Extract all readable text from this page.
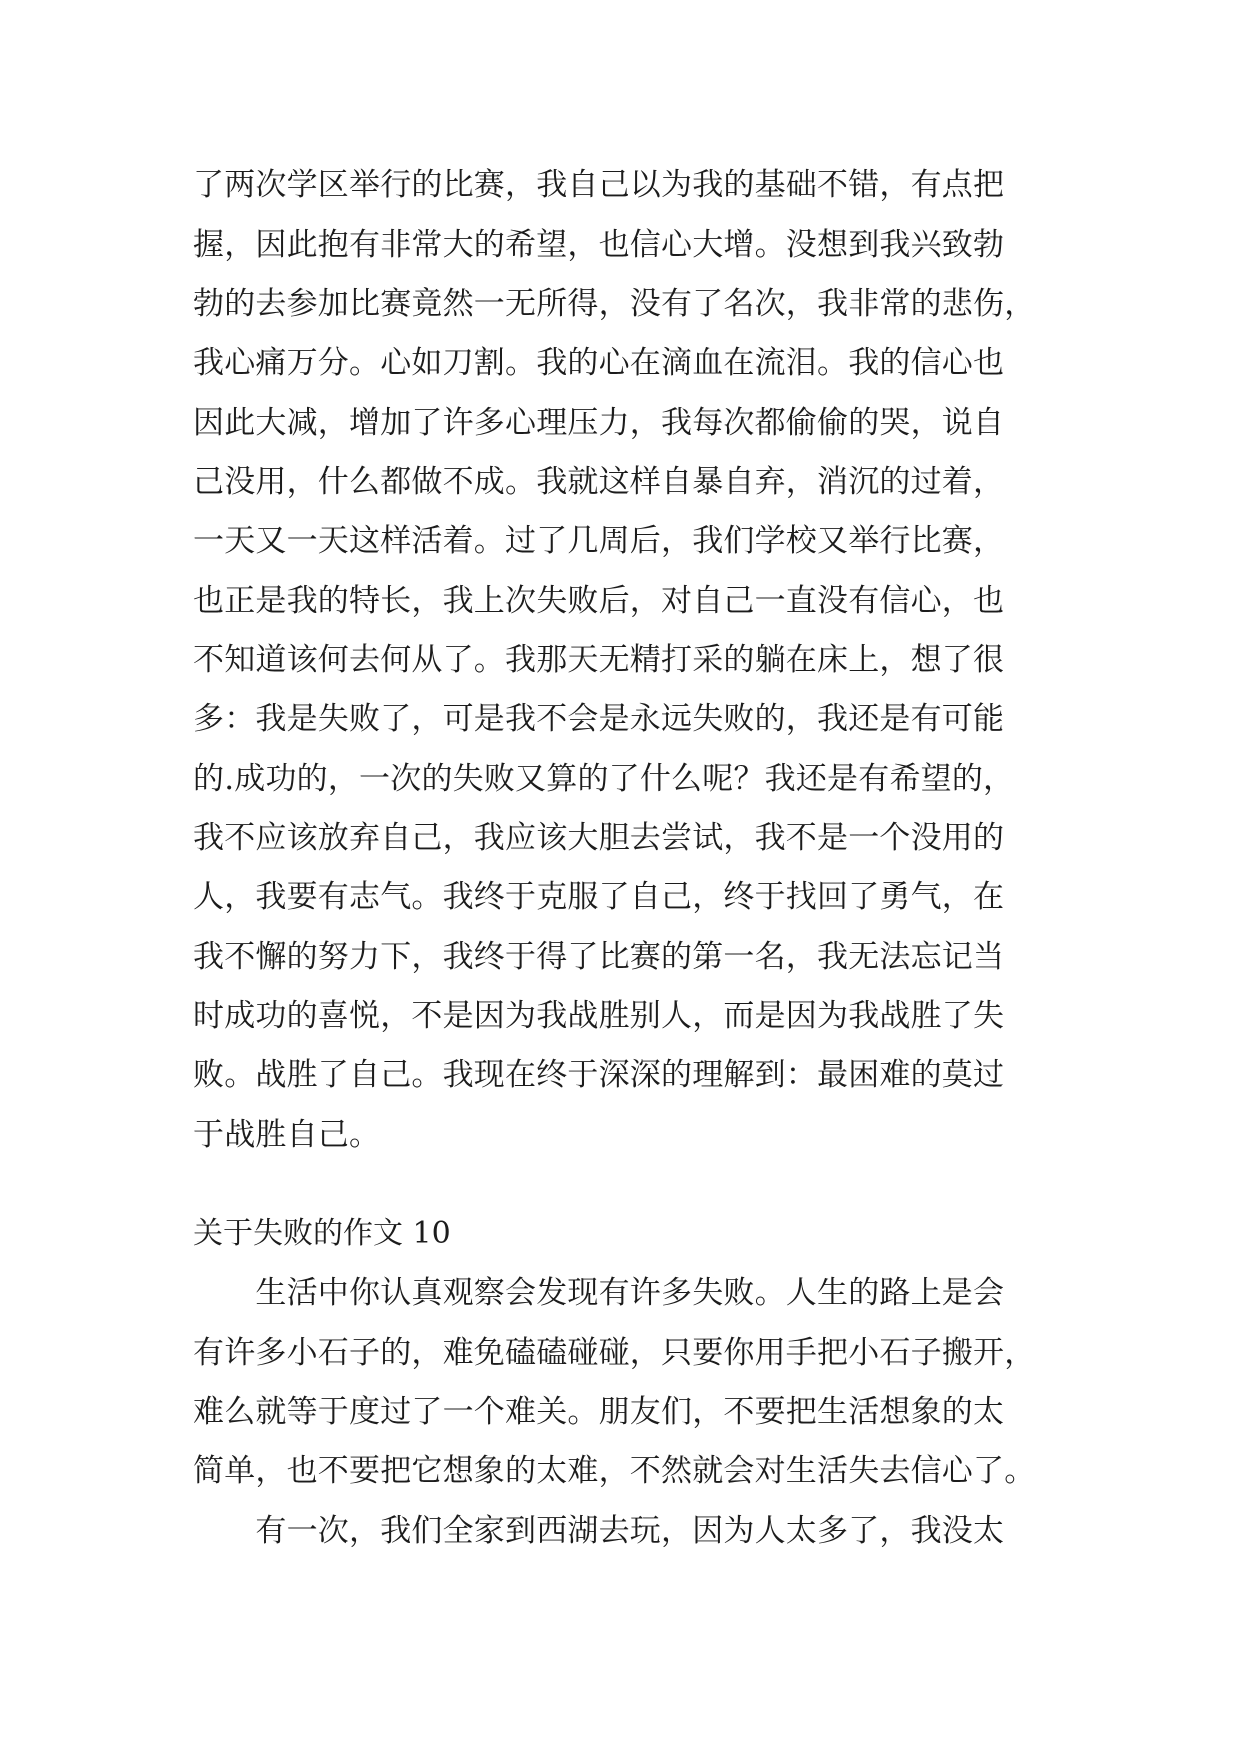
了两次学区举行的比赛，我自己以为我的基础不错，有点把
握，因此抱有非常大的希望，也信心大增。没想到我兴致勃
勃的去参加比赛竟然一无所得，没有了名次，我非常的悲伤，
我心痛万分。心如刀割。我的心在滴血在流泪。我的信心也
因此大减，增加了许多心理压力，我每次都偷偷的哭，说自
己没用，什么都做不成。我就这样自暴自弃，消沉的过着，
一天又一天这样活着。过了几周后，我们学校又举行比赛，
也正是我的特长，我上次失败后，对自己一直没有信心，也
不知道该何去何从了。我那天无精打采的躺在床上，想了很
多：我是失败了，可是我不会是永远失败的，我还是有可能
的.成功的，一次的失败又算的了什么呢？我还是有希望的，
我不应该放弃自己，我应该大胆去尝试，我不是一个没用的
人，我要有志气。我终于克服了自己，终于找回了勇气，在
我不懈的努力下，我终于得了比赛的第一名，我无法忘记当
时成功的喜悦，不是因为我战胜别人，而是因为我战胜了失
败。战胜了自己。我现在终于深深的理解到：最困难的莫过
于战胜自己。
关于失败的作文 10
　　生活中你认真观察会发现有许多失败。人生的路上是会
有许多小石子的，难免磕磕碰碰，只要你用手把小石子搬开，
难么就等于度过了一个难关。朋友们，不要把生活想象的太
简单，也不要把它想象的太难，不然就会对生活失去信心了。
　　有一次，我们全家到西湖去玩，因为人太多了，我没太
